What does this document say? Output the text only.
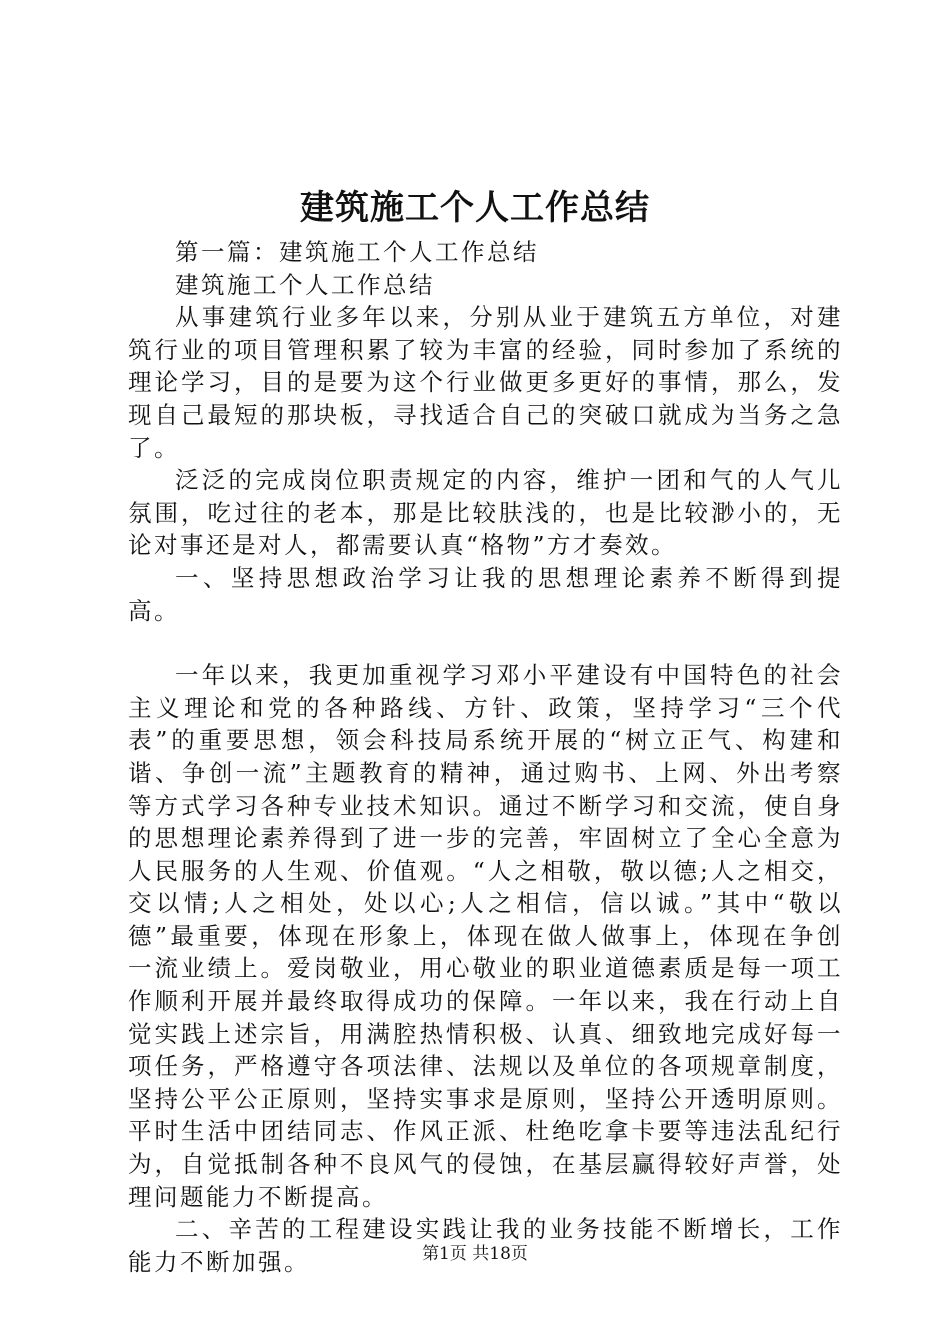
建筑施工个人工作总结

第一篇：建筑施工个人工作总结

建筑施工个人工作总结

从事建筑行业多年以来，分别从业于建筑五方单位，对建筑行业的项目管理积累了较为丰富的经验，同时参加了系统的理论学习，目的是要为这个行业做更多更好的事情，那么，发现自己最短的那块板，寻找适合自己的突破口就成为当务之急了。

泛泛的完成岗位职责规定的内容，维护一团和气的人气儿氛围，吃过往的老本，那是比较肤浅的，也是比较渺小的，无论对事还是对人，都需要认真“格物”方才奏效。

一、坚持思想政治学习让我的思想理论素养不断得到提高。

一年以来，我更加重视学习邓小平建设有中国特色的社会主义理论和党的各种路线、方针、政策，坚持学习“三个代表”的重要思想，领会科技局系统开展的“树立正气、构建和谐、争创一流”主题教育的精神，通过购书、上网、外出考察等方式学习各种专业技术知识。通过不断学习和交流，使自身的思想理论素养得到了进一步的完善，牢固树立了全心全意为人民服务的人生观、价值观。“人之相敬，敬以德;人之相交，交以情;人之相处，处以心;人之相信，信以诚。”其中“敬以德”最重要，体现在形象上，体现在做人做事上，体现在争创一流业绩上。爱岗敬业，用心敬业的职业道德素质是每一项工作顺利开展并最终取得成功的保障。一年以来，我在行动上自觉实践上述宗旨，用满腔热情积极、认真、细致地完成好每一项任务，严格遵守各项法律、法规以及单位的各项规章制度，坚持公平公正原则，坚持实事求是原则，坚持公开透明原则。平时生活中团结同志、作风正派、杜绝吃拿卡要等违法乱纪行为，自觉抵制各种不良风气的侵蚀，在基层赢得较好声誉，处理问题能力不断提高。

二、辛苦的工程建设实践让我的业务技能不断增长，工作能力不断加强。	第1页 共18页
